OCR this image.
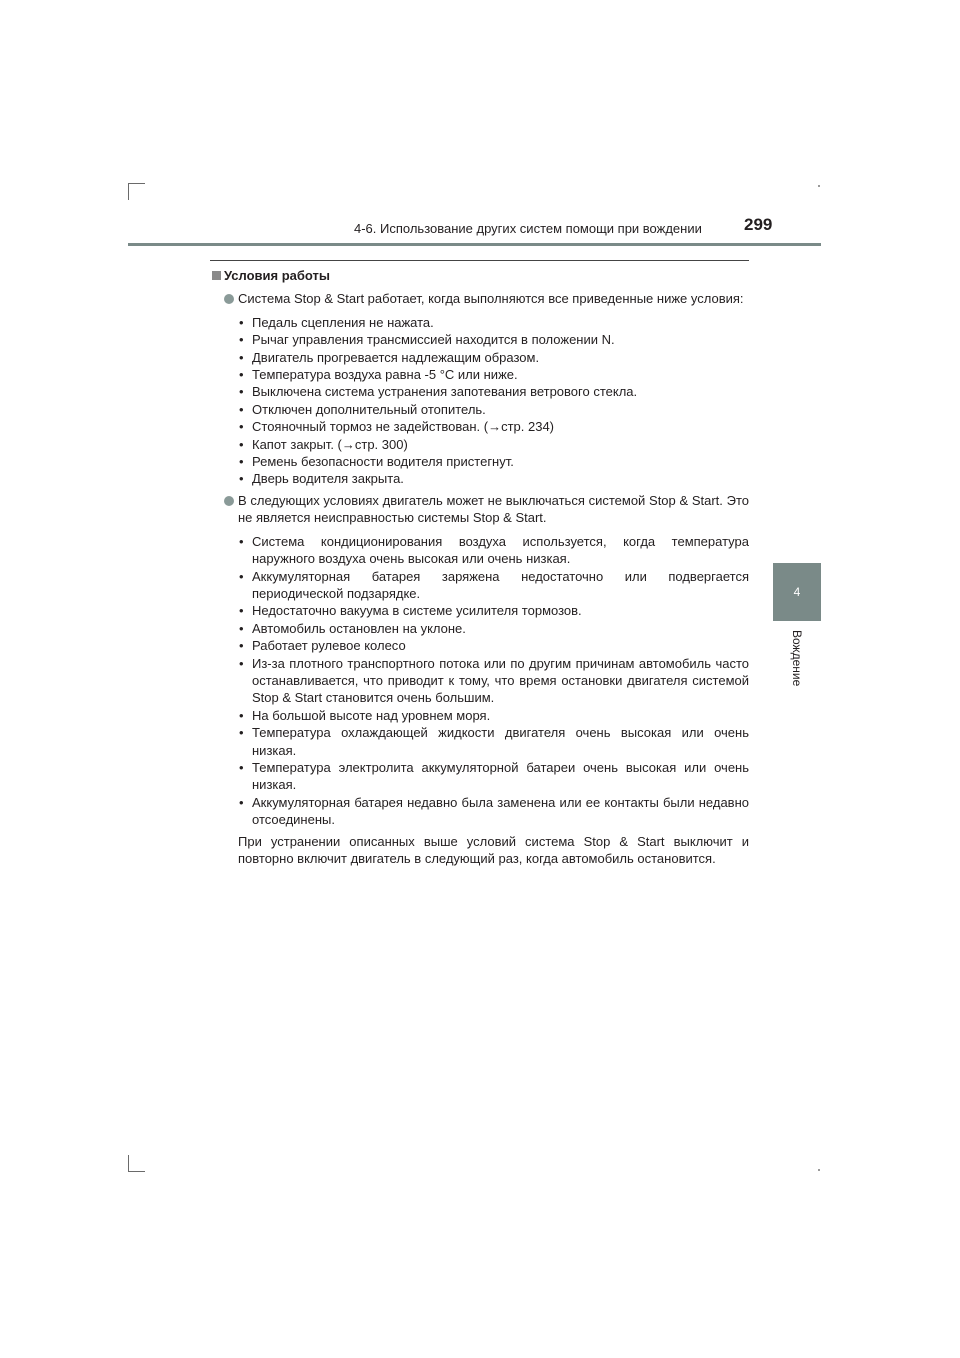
4-6. Использование других систем помощи при вождении 299
4
Вождение
Условия работы
Система Stop & Start работает, когда выполняются все приведенные ниже условия:
• Педаль сцепления не нажата.
• Рычаг управления трансмиссией находится в положении N.
• Двигатель прогревается надлежащим образом.
• Температура воздуха равна -5 °C или ниже.
• Выключена система устранения запотевания ветрового стекла.
• Отключен дополнительный отопитель.
• Стояночный тормоз не задействован. (→стр. 234)
• Капот закрыт. (→стр. 300)
• Ремень безопасности водителя пристегнут.
• Дверь водителя закрыта.
В следующих условиях двигатель может не выключаться системой Stop & Start. Это не является неисправностью системы Stop & Start.
• Система кондиционирования воздуха используется, когда температура наружного воздуха очень высокая или очень низкая.
• Аккумуляторная батарея заряжена недостаточно или подвергается периодической подзарядке.
• Недостаточно вакуума в системе усилителя тормозов.
• Автомобиль остановлен на уклоне.
• Работает рулевое колесо
• Из-за плотного транспортного потока или по другим причинам автомобиль часто останавливается, что приводит к тому, что время остановки двигателя системой Stop & Start становится очень большим.
• На большой высоте над уровнем моря.
• Температура охлаждающей жидкости двигателя очень высокая или очень низкая.
• Температура электролита аккумуляторной батареи очень высокая или очень низкая.
• Аккумуляторная батарея недавно была заменена или ее контакты были недавно отсоединены.
При устранении описанных выше условий система Stop & Start выключит и повторно включит двигатель в следующий раз, когда автомобиль остановится.
